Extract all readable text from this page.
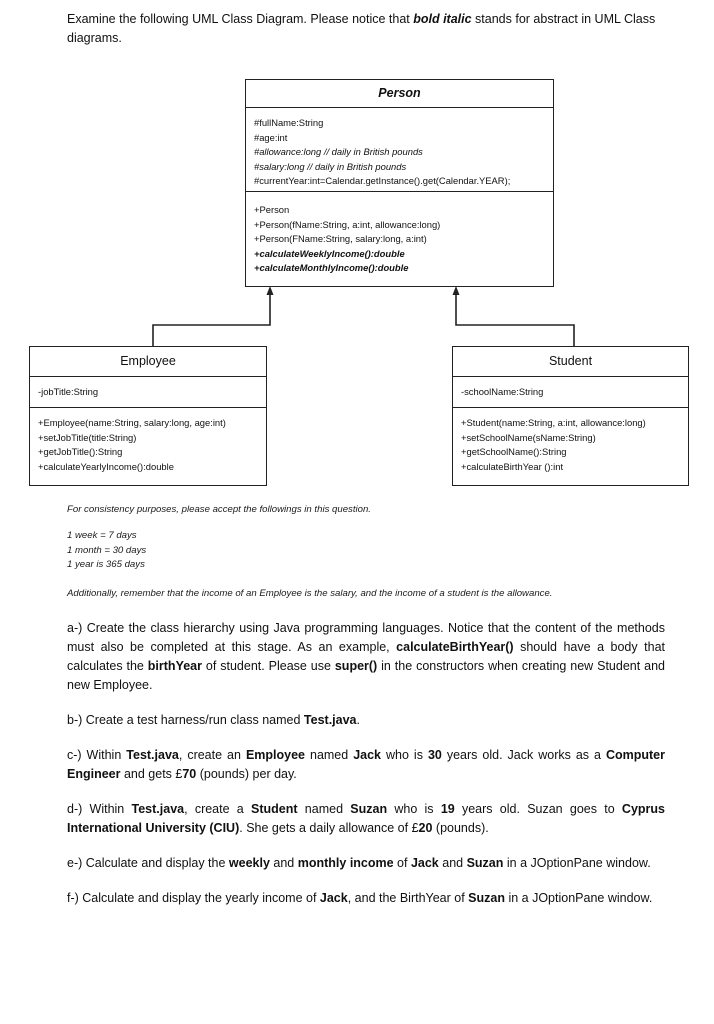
Examine the following UML Class Diagram. Please notice that bold italic stands for abstract in UML Class diagrams.
Person
#fullName:String
#age:int
#allowance:long // daily in British pounds
#salary:long // daily in British pounds
#currentYear:int=Calendar.getInstance().get(Calendar.YEAR);
+Person
+Person(fName:String, a:int, allowance:long)
+Person(FName:String, salary:long, a:int)
+calculateWeeklyIncome():double
+calculateMonthlyIncome():double
Employee
-jobTitle:String
+Employee(name:String, salary:long, age:int)
+setJobTitle(title:String)
+getJobTitle():String
+calculateYearlyIncome():double
Student
-schoolName:String
+Student(name:String, a:int, allowance:long)
+setSchoolName(sName:String)
+getSchoolName():String
+calculateBirthYear ():int
For consistency purposes, please accept the followings in this question.
1 week = 7 days
1 month = 30 days
1 year is 365 days
Additionally, remember that the income of an Employee is the salary, and the income of a student is the allowance.
a-) Create the class hierarchy using Java programming languages. Notice that the content of the methods must also be completed at this stage. As an example, calculateBirthYear() should have a body that calculates the birthYear of student. Please use super() in the constructors when creating new Student and new Employee.
b-) Create a test harness/run class named Test.java.
c-) Within Test.java, create an Employee named Jack who is 30 years old. Jack works as a Computer Engineer and gets £70 (pounds) per day.
d-) Within Test.java, create a Student named Suzan who is 19 years old. Suzan goes to Cyprus International University (CIU). She gets a daily allowance of £20 (pounds).
e-) Calculate and display the weekly and monthly income of Jack and Suzan in a JOptionPane window.
f-) Calculate and display the yearly income of Jack, and the BirthYear of Suzan in a JOptionPane window.
